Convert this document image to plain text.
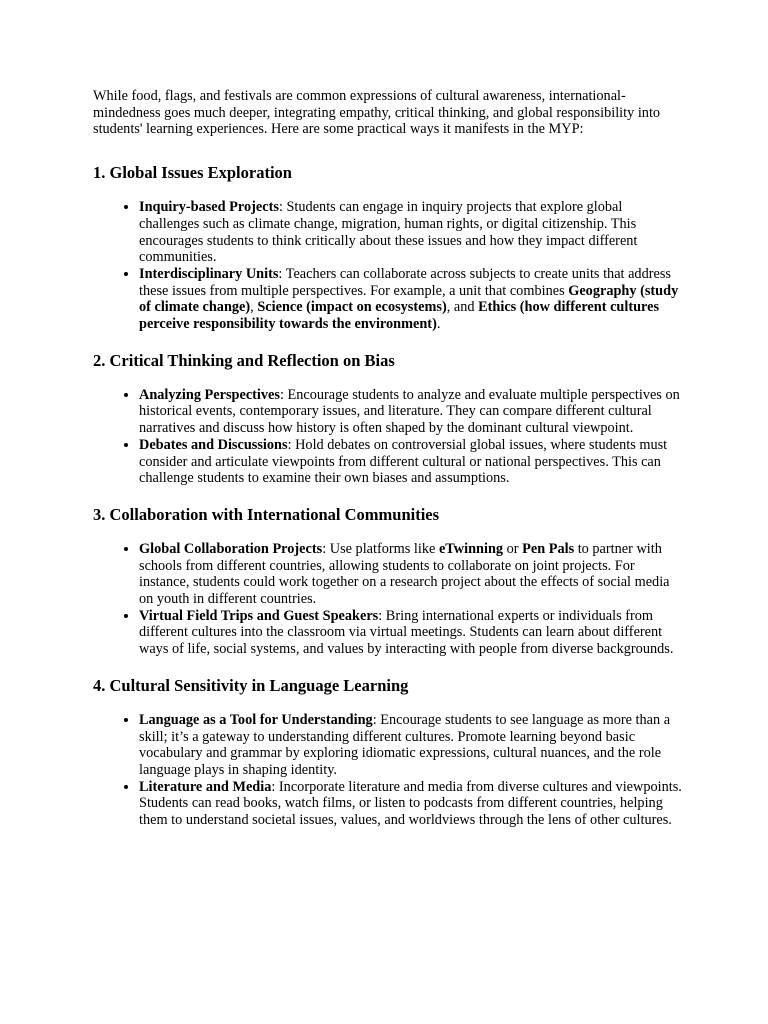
While food, flags, and festivals are common expressions of cultural awareness, international-mindedness goes much deeper, integrating empathy, critical thinking, and global responsibility into students' learning experiences. Here are some practical ways it manifests in the MYP:

1. Global Issues Exploration
• Inquiry-based Projects: Students can engage in inquiry projects that explore global challenges such as climate change, migration, human rights, or digital citizenship. This encourages students to think critically about these issues and how they impact different communities.
• Interdisciplinary Units: Teachers can collaborate across subjects to create units that address these issues from multiple perspectives. For example, a unit that combines Geography (study of climate change), Science (impact on ecosystems), and Ethics (how different cultures perceive responsibility towards the environment).
2. Critical Thinking and Reflection on Bias
• Analyzing Perspectives: Encourage students to analyze and evaluate multiple perspectives on historical events, contemporary issues, and literature. They can compare different cultural narratives and discuss how history is often shaped by the dominant cultural viewpoint.
• Debates and Discussions: Hold debates on controversial global issues, where students must consider and articulate viewpoints from different cultural or national perspectives. This can challenge students to examine their own biases and assumptions.
3. Collaboration with International Communities
• Global Collaboration Projects: Use platforms like eTwinning or Pen Pals to partner with schools from different countries, allowing students to collaborate on joint projects. For instance, students could work together on a research project about the effects of social media on youth in different countries.
• Virtual Field Trips and Guest Speakers: Bring international experts or individuals from different cultures into the classroom via virtual meetings. Students can learn about different ways of life, social systems, and values by interacting with people from diverse backgrounds.
4. Cultural Sensitivity in Language Learning
• Language as a Tool for Understanding: Encourage students to see language as more than a skill; it’s a gateway to understanding different cultures. Promote learning beyond basic vocabulary and grammar by exploring idiomatic expressions, cultural nuances, and the role language plays in shaping identity.
• Literature and Media: Incorporate literature and media from diverse cultures and viewpoints. Students can read books, watch films, or listen to podcasts from different countries, helping them to understand societal issues, values, and worldviews through the lens of other cultures.
